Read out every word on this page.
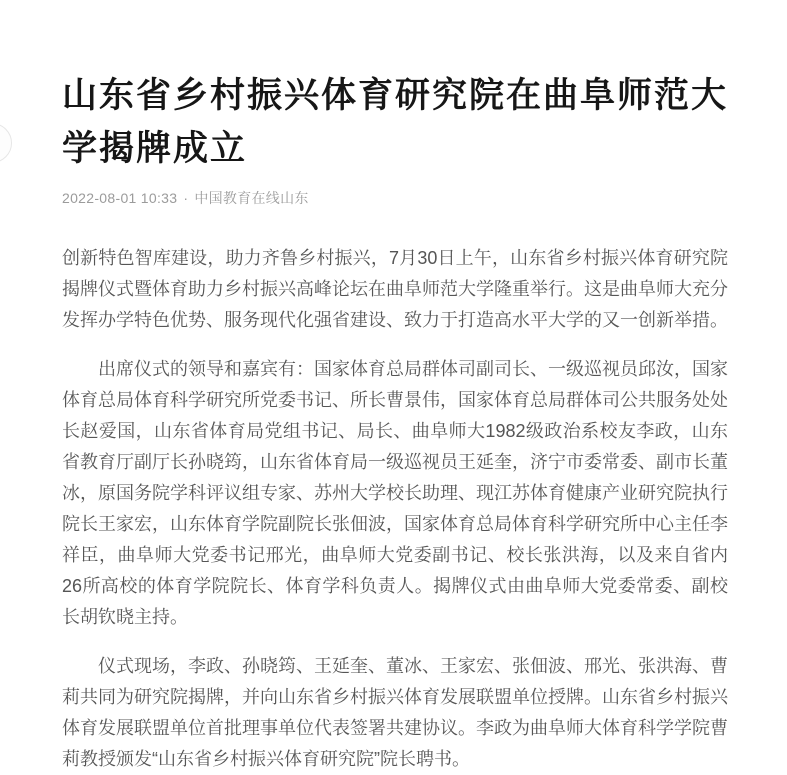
山东省乡村振兴体育研究院在曲阜师范大学揭牌成立
2022-08-01 10:33 · 中国教育在线山东

创新特色智库建设，助力齐鲁乡村振兴，7月30日上午，山东省乡村振兴体育研究院揭牌仪式暨体育助力乡村振兴高峰论坛在曲阜师范大学隆重举行。这是曲阜师大充分发挥办学特色优势、服务现代化强省建设、致力于打造高水平大学的又一创新举措。

出席仪式的领导和嘉宾有：国家体育总局群体司副司长、一级巡视员邱汝，国家体育总局体育科学研究所党委书记、所长曹景伟，国家体育总局群体司公共服务处处长赵爱国，山东省体育局党组书记、局长、曲阜师大1982级政治系校友李政，山东省教育厅副厅长孙晓筠，山东省体育局一级巡视员王延奎，济宁市委常委、副市长董冰，原国务院学科评议组专家、苏州大学校长助理、现江苏体育健康产业研究院执行院长王家宏，山东体育学院副院长张佃波，国家体育总局体育科学研究所中心主任李祥臣，曲阜师大党委书记邢光，曲阜师大党委副书记、校长张洪海，以及来自省内26所高校的体育学院院长、体育学科负责人。揭牌仪式由曲阜师大党委常委、副校长胡钦晓主持。

仪式现场，李政、孙晓筠、王延奎、董冰、王家宏、张佃波、邢光、张洪海、曹莉共同为研究院揭牌，并向山东省乡村振兴体育发展联盟单位授牌。山东省乡村振兴体育发展联盟单位首批理事单位代表签署共建协议。李政为曲阜师大体育科学学院曹莉教授颁发“山东省乡村振兴体育研究院”院长聘书。
